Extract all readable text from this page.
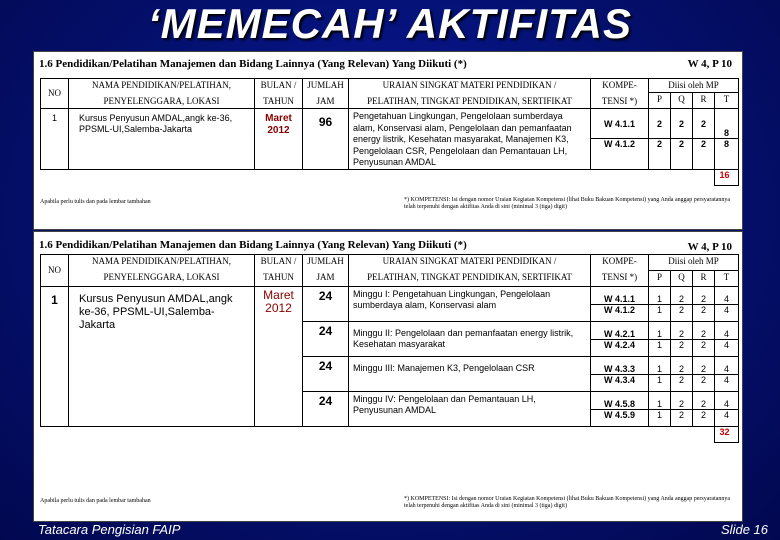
‘MEMECAH’ AKTIFITAS
1.6 Pendidikan/Pelatihan Manajemen dan Bidang Lainnya (Yang Relevan) Yang Diikuti (*)	W 4, P 10
NO	NAMA PENDIDIKAN/PELATIHAN,
PENYELENGGARA, LOKASI	BULAN /
TAHUN	JUMLAH
JAM	URAIAN SINGKAT MATERI PENDIDIKAN /
PELATIHAN, TINGKAT PENDIDIKAN, SERTIFIKAT	KOMPE-
TENSI *)	Diisi oleh MP			
						P	Q	R	T
1	Kursus Penyusun AMDAL,angk ke-36, PPSML-UI,Salemba-Jakarta	Maret
2012	96	Pengetahuan Lingkungan, Pengelolaan sumberdaya alam, Konservasi alam, Pengelolaan dan pemanfaatan energy listrik, Kesehatan masyarakat, Manajemen K3, Pengelolaan CSR, Pengelolaan dan Pemantauan LH, Penyusunan AMDAL	W 4.1.1	2	2	2	8
					W 4.1.2	2	2	2	8
									16
Apabila perlu tulis dan pada lembar tambahan	*) KOMPETENSI: Isi dengan nomor Uraian Kegiatan Kompetensi (lihat Buku Bakuan Kompetensi) yang Anda anggap persyaratannya telah terpenuhi dengan aktifitas Anda di sini (minimal 3 (tiga) digit)
1.6 Pendidikan/Pelatihan Manajemen dan Bidang Lainnya (Yang Relevan) Yang Diikuti (*)	W 4, P 10
NO	NAMA PENDIDIKAN/PELATIHAN,
PENYELENGGARA, LOKASI	BULAN /
TAHUN	JUMLAH
JAM	URAIAN SINGKAT MATERI PENDIDIKAN /
PELATIHAN, TINGKAT PENDIDIKAN, SERTIFIKAT	KOMPE-
TENSI *)	Diisi oleh MP			
						P	Q	R	T
1	Kursus Penyusun AMDAL,angk ke-36, PPSML-UI,Salemba-Jakarta	Maret
2012	24	Minggu I: Pengetahuan Lingkungan, Pengelolaan sumberdaya alam, Konservasi alam	W 4.1.1	1	2	2	4
					W 4.1.2	1	2	2	4
			24	Minggu II: Pengelolaan dan pemanfaatan energy listrik, Kesehatan masyarakat	W 4.2.1	1	2	2	4
					W 4.2.4	1	2	2	4
			24	Minggu III: Manajemen K3, Pengelolaan CSR	W 4.3.3	1	2	2	4
					W 4.3.4	1	2	2	4
			24	Minggu IV: Pengelolaan dan Pemantauan LH, Penyusunan AMDAL	W 4.5.8	1	2	2	4
					W 4.5.9	1	2	2	4
									32
Apabila perlu tulis dan pada lembar tambahan	*) KOMPETENSI: Isi dengan nomor Uraian Kegiatan Kompetensi (lihat Buku Bakuan Kompetensi) yang Anda anggap persyaratannya telah terpenuhi dengan aktifitas Anda di sini (minimal 3 (tiga) digit)
Tatacara Pengisian FAIP	Slide 16
